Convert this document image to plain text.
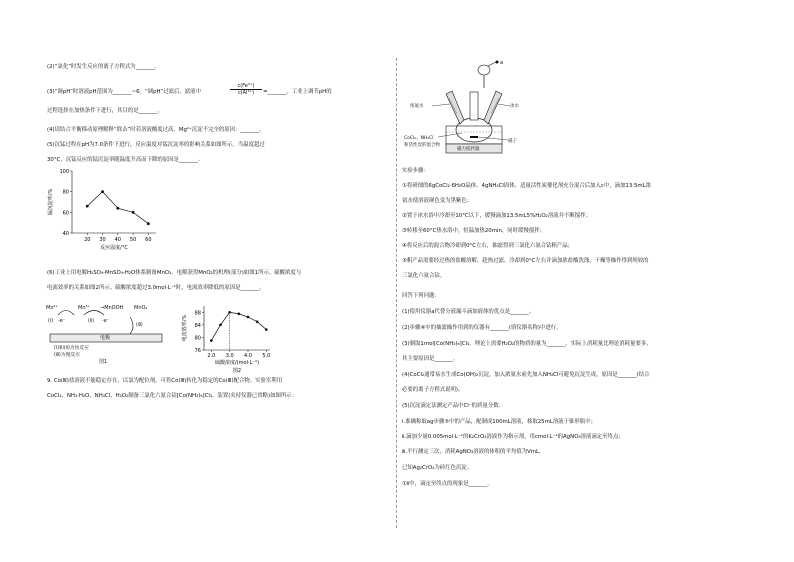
(2)“氯化”时发生反应的离子方程式为_______。
(3)“调pH”时溶液pH范围为_______~6。“调pH”过滤后，滤液中	$\frac{\text{c(Fe³⁺)}}{\text{c(Al³⁺)}}$ =_______。工业上调节pH的
过程选择在加热条件下进行，其目的是_______。
(4)请结合平衡移动原理解释“除杂”时若溶液酸度过高，Mg²⁺沉淀不完全的原因：_______。
(5)沉锰过程在pH为7.0条件下进行，反应温度对锰沉淀率的影响关系如图所示。当温度超过
30°C，沉锰反应的锰沉淀率随温度升高而下降的原因是_______。
40
60
80
100
20 30 40 50 60
锰沉淀率/%
反应温度/°C
(6)工业上用电解H₂SO₄-MnSO₄-H₂O体系制备MnO₂。电解获得MnO₂的机理(部分)如图1所示。硫酸浓度与
电流效率的关系如图2所示。硫酸浓度超过3.0mol·L⁻¹时，电流效率降低的原因是_______。
Mn²⁺	Mn³⁺ →MnOOH MnO₂
(ⅰ) -e⁻	(ⅱ) -e⁻
(ⅲ)
电极
(ⅰ)和(ⅱ)为快反应
(ⅲ)为慢反应
图1
76
80
84
88
2.0 3.0 4.0 5.0
电流效率/%
硫酸浓度/(mol·L⁻¹)
图2
9. Co(Ⅲ)盐溶液不能稳定存在，以氯为配位剂，可将Co(Ⅲ)转化为稳定的Co(Ⅲ)配合物。实验室利用
CoCl₂、NH₃·H₂O、NH₄Cl、H₂O₂制备三氯化六氨合钴[Co(NH₃)₆]Cl₃，装置(夹持仪器已省略)如图所示：
a
浓氨水	冰水
CoCl₂、NH₄Cl
和活性炭的混合物
磁力搅拌器
磁子
实验步骤：
①将研细的6gCoCl₂·6H₂O晶体、4gNH₄Cl固体、适量活性炭催化剂充分混合后加入c中，滴加13.5mL浓
氨水使溶液颜色变为黑紫色；
②置于冰水浴中冷却至10°C以下，缓慢滴加13.5mL5%H₂O₂溶液并不断搅拌；
③转移至60°C热水浴中，恒温加热20min，同时缓慢搅拌；
④将反应后的混合物冷却到0°C左右，抽滤得到三氯化六氨合钴粗产品；
⑤粗产品需要经过热的盐酸溶解、趁热过滤、冷却到0°C左右并滴加浓盐酸洗涤，干燥等操作得到纯较的
三氯化六氨合钴。
回答下列问题：
(1)使用仪器a代替分液漏斗滴加液体的优点是_______。
(2)步骤④中的抽滤操作用到的仪器有_______(填仪器名称)中进行。
(3)制取1mol[Co(NH₃)₆]Cl₃，理论上需要H₂O₂的物质的量为_______，实际上消耗量比理论消耗量要多，
其主要原因是_______。
(4)CoCl₂通常易水生成Co(OH)₂沉淀，加入浓氨水前先加入NH₄Cl可避免沉淀生成，原因是_______(结合
必要的离子方程式说明)。
(5)沉淀滴定法测定产品中Cl⁻的质量分数：
ⅰ.准确称取ag步骤⑤中的产品，配制成100mL溶液，移取25mL溶液于锥形瓶中；
ⅱ.滴加少量0.005mol·L⁻¹的K₂CrO₄溶液作为指示剂，用cmol·L⁻¹的AgNO₃溶液滴定至终点；
ⅲ.平行测定三次，消耗AgNO₃溶液的体积的平均值为VmL。
已知Ag₂CrO₄为砖红色沉淀。
①ⅱ中，滴定至终点的现象是_______。
